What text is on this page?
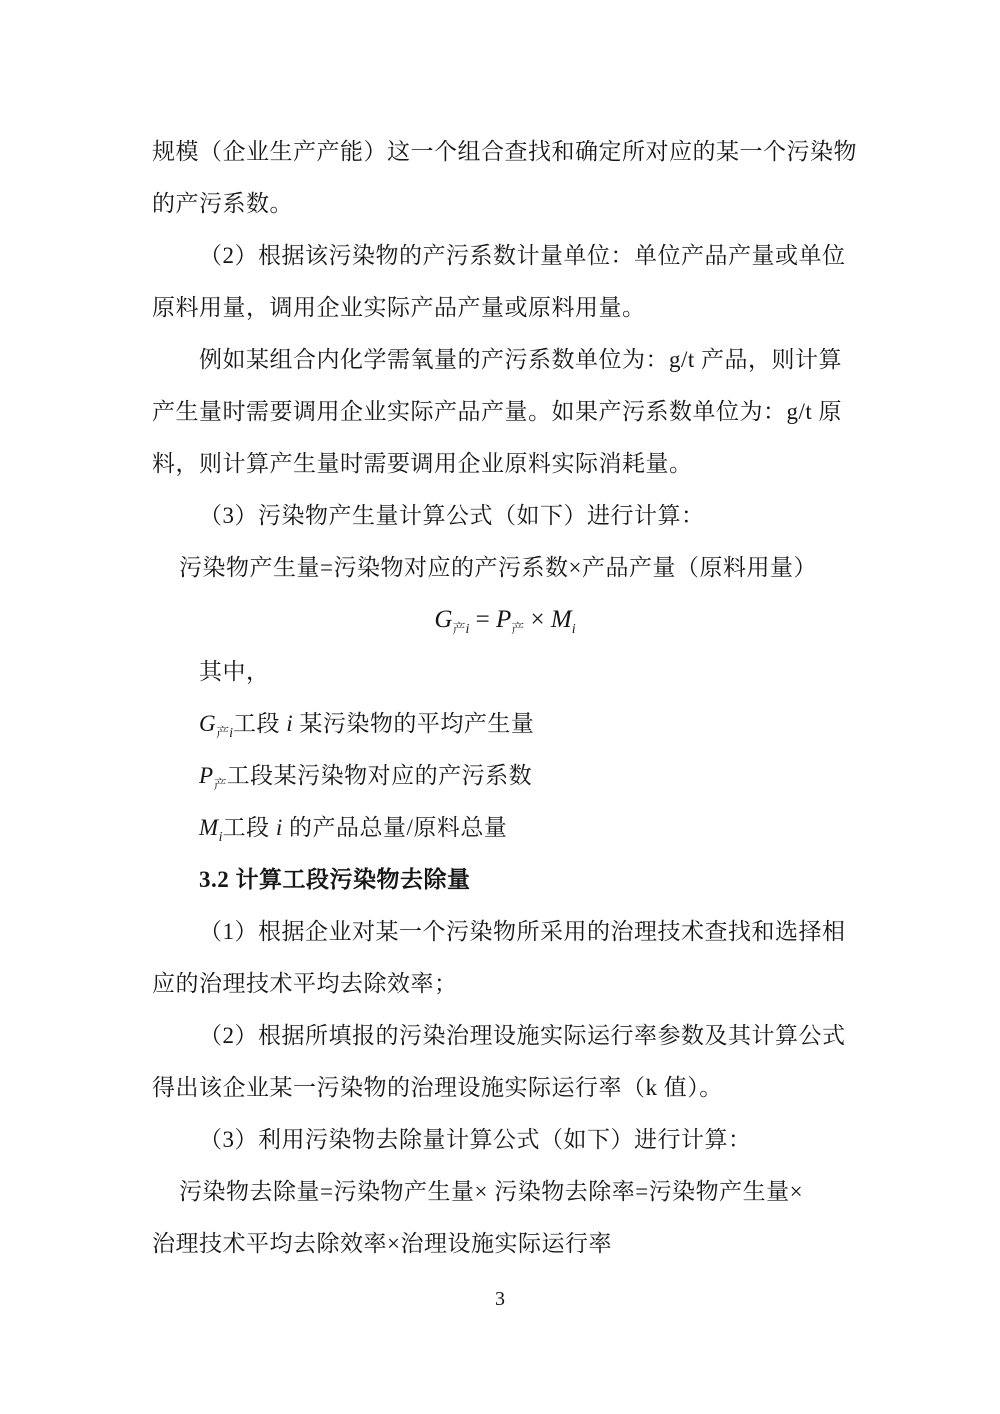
规模（企业生产产能）这一个组合查找和确定所对应的某一个污染物
的产污系数。
（2）根据该污染物的产污系数计量单位：单位产品产量或单位
原料用量，调用企业实际产品产量或原料用量。
例如某组合内化学需氧量的产污系数单位为：g/t 产品，则计算
产生量时需要调用企业实际产品产量。如果产污系数单位为：g/t 原
料，则计算产生量时需要调用企业原料实际消耗量。
（3）污染物产生量计算公式（如下）进行计算：
污染物产生量=污染物对应的产污系数×产品产量（原料用量）
$G_{产i} = P_产 \times M_i$
其中，
$G_{产i}$工段 i 某污染物的平均产生量
$P_产$工段某污染物对应的产污系数
$M_i$工段 i 的产品总量/原料总量
3.2 计算工段污染物去除量
（1）根据企业对某一个污染物所采用的治理技术查找和选择相
应的治理技术平均去除效率；
（2）根据所填报的污染治理设施实际运行率参数及其计算公式
得出该企业某一污染物的治理设施实际运行率（k 值）。
（3）利用污染物去除量计算公式（如下）进行计算：
污染物去除量=污染物产生量× 污染物去除率=污染物产生量×
治理技术平均去除效率×治理设施实际运行率
3
